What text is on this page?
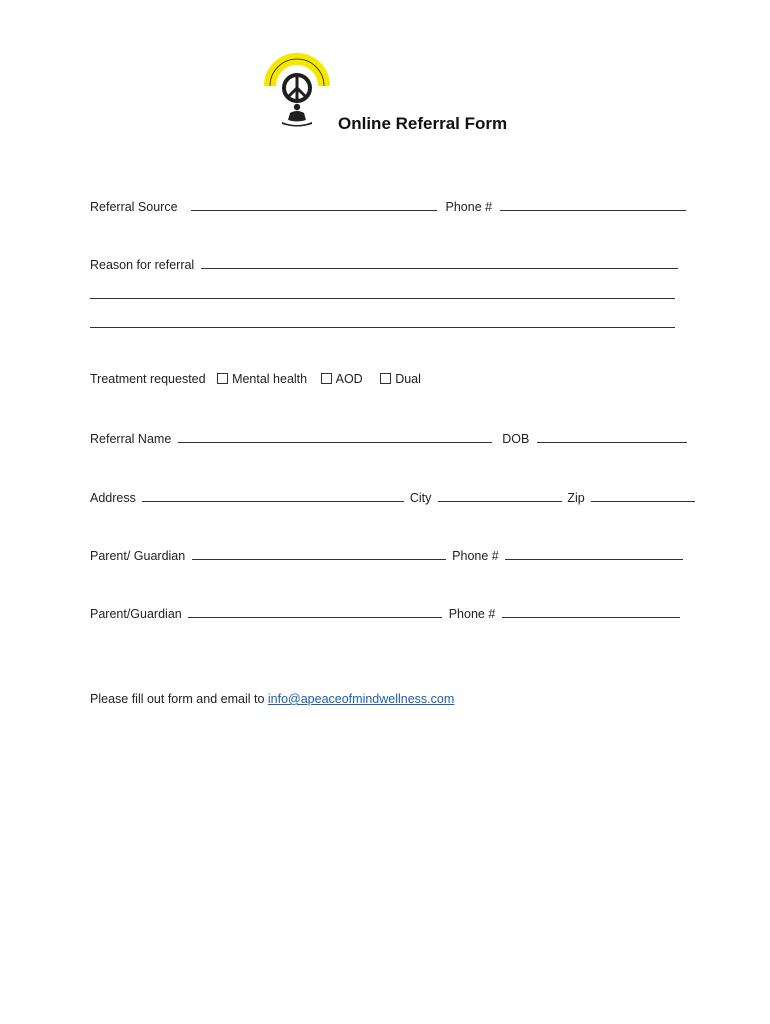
Online Referral Form
Referral Source	Phone #
Reason for referral
Treatment requested Mental health AOD	Dual
Referral Name	DOB
Address	City	Zip
Parent/ Guardian	Phone #
Parent/Guardian	Phone #
Please fill out form and email to info@apeaceofmindwellness.com
